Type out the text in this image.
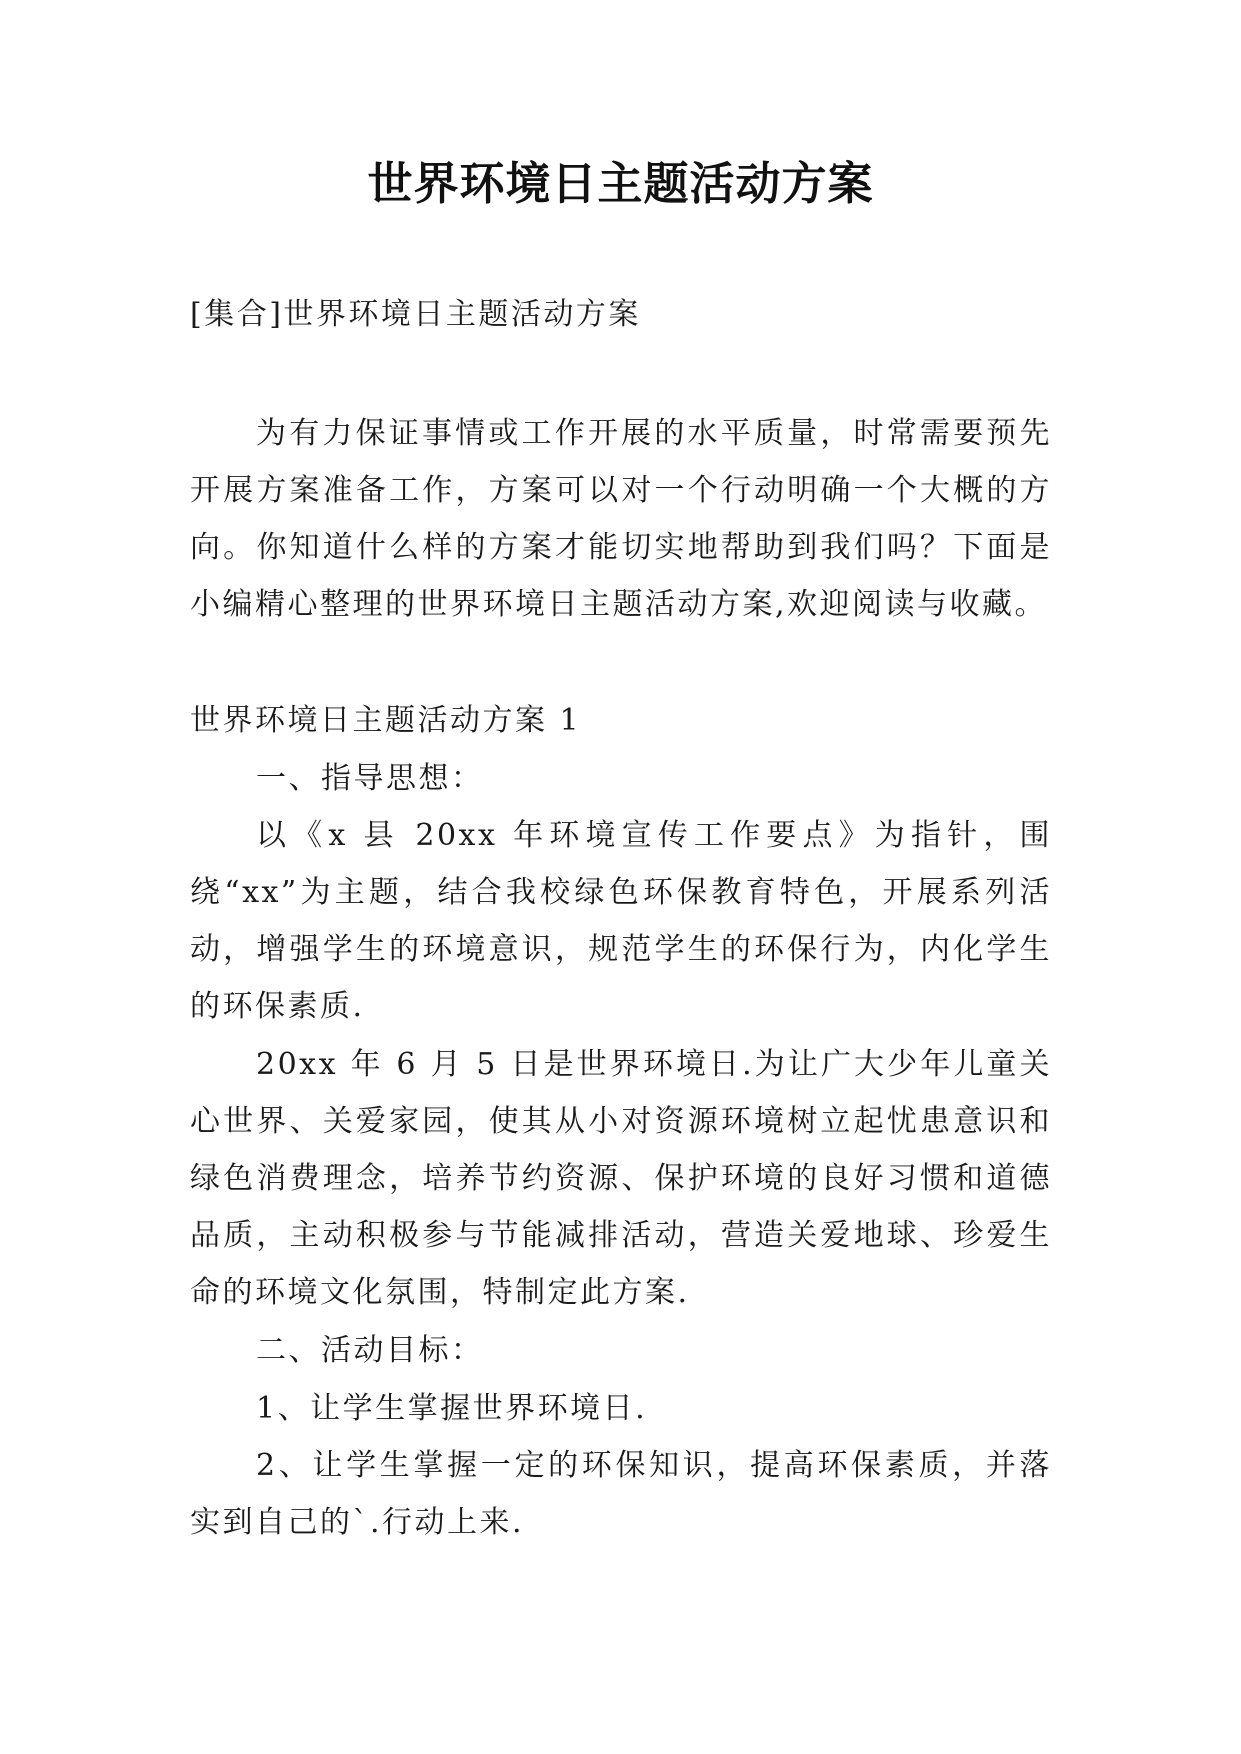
世界环境日主题活动方案

[集合]世界环境日主题活动方案

为有力保证事情或工作开展的水平质量，时常需要预先开展方案准备工作，方案可以对一个行动明确一个大概的方向。你知道什么样的方案才能切实地帮助到我们吗？下面是小编精心整理的世界环境日主题活动方案,欢迎阅读与收藏。

世界环境日主题活动方案 1

一、指导思想：

以《x 县 20xx 年环境宣传工作要点》为指针，围绕“xx”为主题，结合我校绿色环保教育特色，开展系列活动，增强学生的环境意识，规范学生的环保行为，内化学生的环保素质.

20xx 年 6 月 5 日是世界环境日.为让广大少年儿童关心世界、关爱家园，使其从小对资源环境树立起忧患意识和绿色消费理念，培养节约资源、保护环境的良好习惯和道德品质，主动积极参与节能减排活动，营造关爱地球、珍爱生命的环境文化氛围，特制定此方案.

二、活动目标：

1、让学生掌握世界环境日.

2、让学生掌握一定的环保知识，提高环保素质，并落实到自己的`.行动上来.
